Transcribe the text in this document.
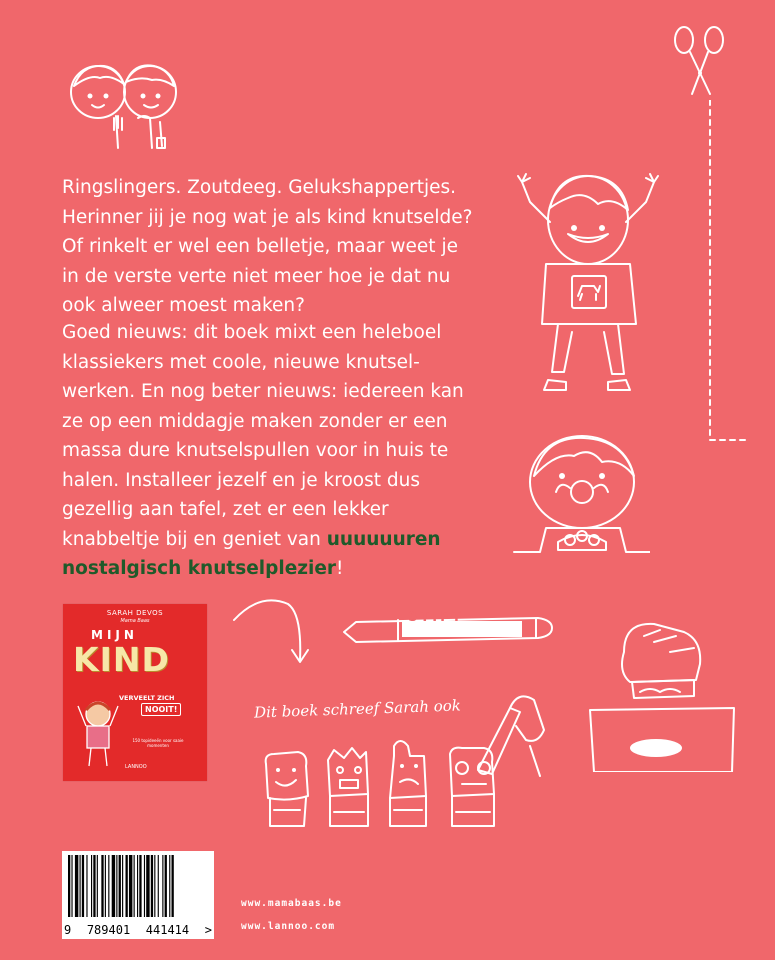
Ringslingers. Zoutdeeg. Gelukshappertjes.
Herinner jij je nog wat je als kind knutselde?
Of rinkelt er wel een belletje, maar weet je
in de verste verte niet meer hoe je dat nu
ook alweer moest maken?

Goed nieuws: dit boek mixt een heleboel
klassiekers met coole, nieuwe knutsel-
werken. En nog beter nieuws: iedereen kan
ze op een middagje maken zonder er een
massa dure knutselspullen voor in huis te
halen. Installeer jezelf en je kroost dus
gezellig aan tafel, zet er een lekker
knabbeltje bij en geniet van uuuuuuren
nostalgisch knutselplezier!

SARAH DEVOS
Mama Baas
MIJN
KIND
VERVEELT ZICH
NOOIT!
150 topideeën voor saaie momenten
LANNOO
STIFT
Dit boek schreef Sarah ook
9 789401 441414 >
www.mamabaas.be
www.lannoo.com
